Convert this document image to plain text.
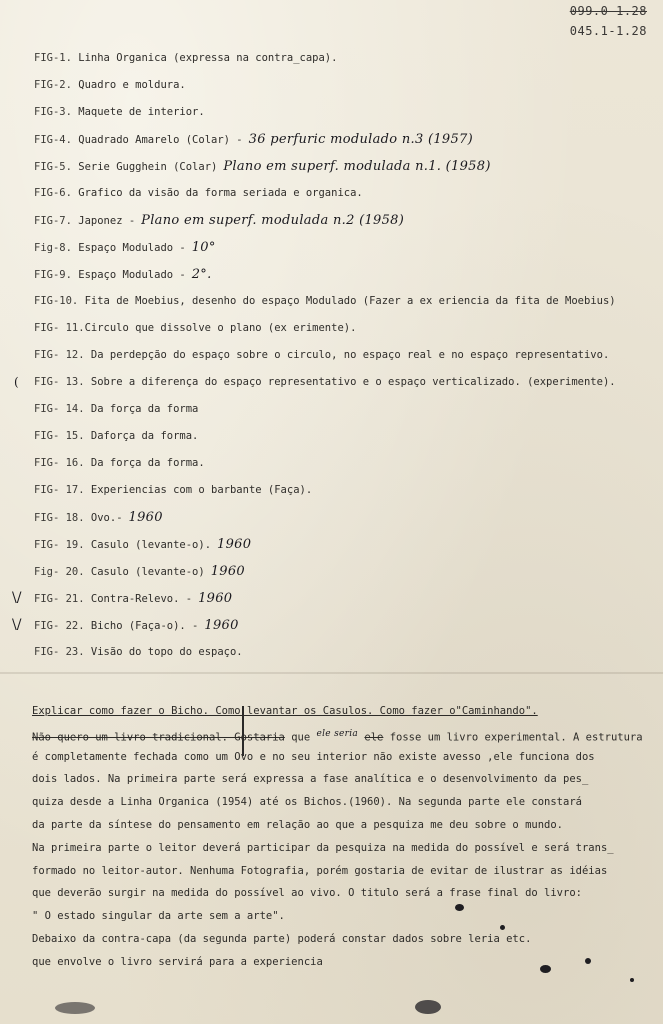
099.0-1.28
045.1-1.28
FIG-1. Linha Organica (expressa na contra_capa).
FIG-2. Quadro e moldura.
FIG-3. Maquete de interior.
FIG-4. Quadrado Amarelo (Colar) - 36 perfuric modulado n.3 (1957)
FIG-5. Serie Gugghein (Colar) Plano em superf. modulada n.1. (1958)
FIG-6. Grafico da visão da forma seriada e organica.
FIG-7. Japonez - Plano em superf. modulada n.2 (1958)
Fig-8. Espaço Modulado - 10°
FIG-9. Espaço Modulado - 2°.
FIG-10. Fita de Moebius, desenho do espaço Modulado (Fazer a ex eriencia da fita de Moebius)
FIG- 11.Circulo que dissolve o plano (ex erimente).
FIG- 12. Da perdepção do espaço sobre o circulo, no espaço real e no espaço representativo.
( FIG- 13. Sobre a diferença do espaço representativo e o espaço verticalizado. (experimente).
FIG- 14. Da força da forma
FIG- 15. Daforça da forma.
FIG- 16. Da força da forma.
FIG- 17. Experiencias com o barbante (Faça).
FIG- 18. Ovo.- 1960
FIG- 19. Casulo (levante-o). 1960
Fig- 20. Casulo (levante-o) 1960
\/ FIG- 21. Contra-Relevo. - 1960
\/ FIG- 22. Bicho (Faça-o). - 1960
FIG- 23. Visão do topo do espaço.
Explicar como fazer o Bicho. Como levantar os Casulos. Como fazer o"Caminhando".
Não quero um livro tradicional. Gostaria que ele seria ele fosse um livro experimental. A estrutura
é completamente fechada como um Ovo e no seu interior não existe avesso ,ele funciona dos
dois lados. Na primeira parte será expressa a fase analítica e o desenvolvimento da pes_
quiza desde a Linha Organica (1954) até os Bichos.(1960). Na segunda parte ele constará
da parte da síntese do pensamento em relação ao que a pesquiza me deu sobre o mundo.
Na primeira parte o leitor deverá participar da pesquiza na medida do possível e será trans_
formado no leitor-autor. Nenhuma Fotografia, porém gostaria de evitar de ilustrar as idéias
que deverão surgir na medida do possível ao vivo. O titulo será a frase final do livro:
" O estado singular da arte sem a arte".
Debaixo da contra-capa (da segunda parte) poderá constar dados sobre leria etc.
que envolve o livro servirá para a experiencia
